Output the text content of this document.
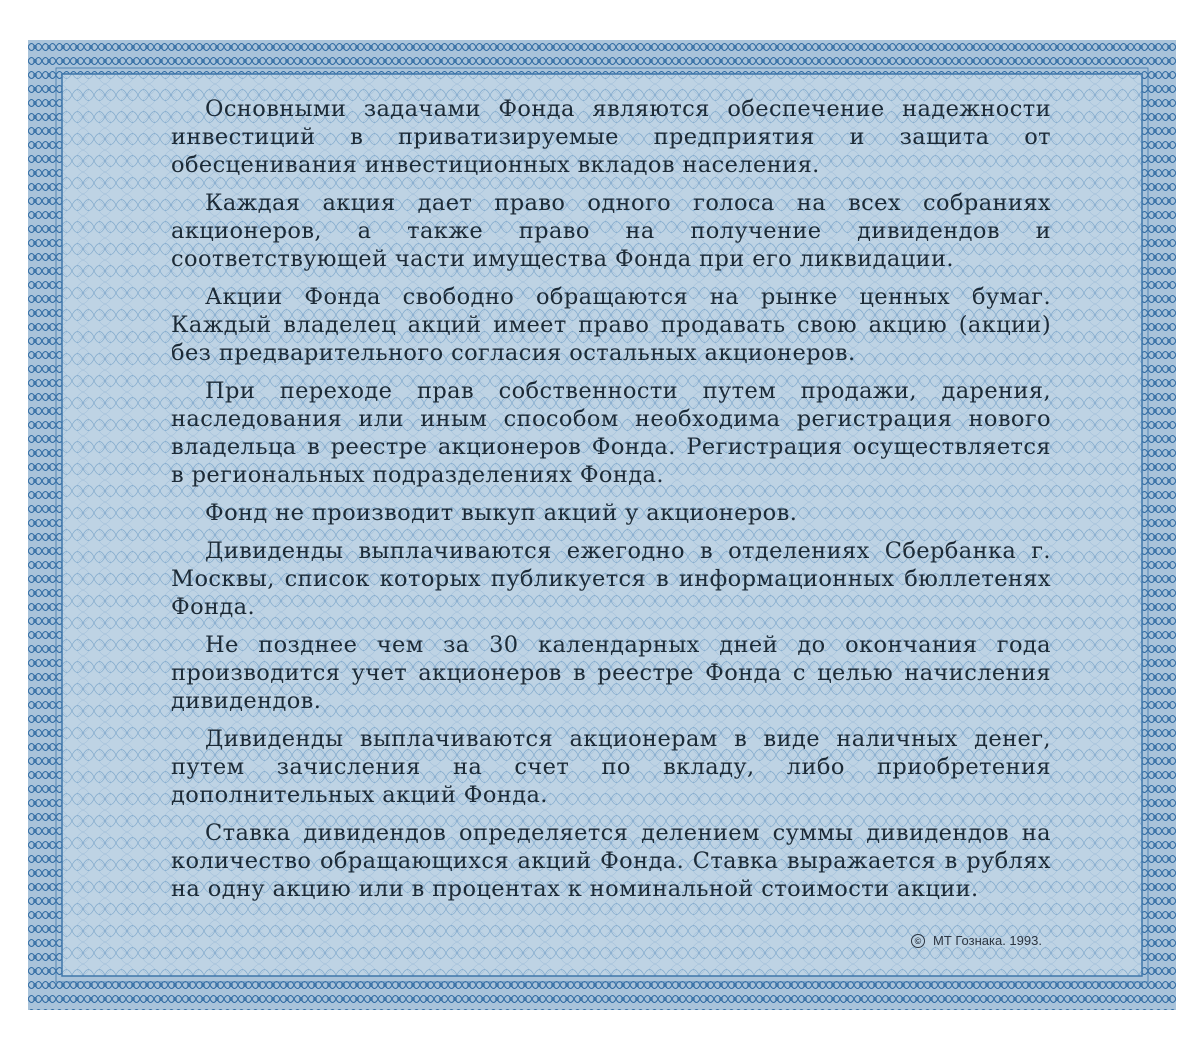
Основными задачами Фонда являются обеспечение надежности инвестиций в приватизируемые предприятия и защита от обесценивания инвестиционных вкладов населения.

Каждая акция дает право одного голоса на всех собраниях акционеров, а также право на получение дивидендов и соответствующей части имущества Фонда при его ликвидации.

Акции Фонда свободно обращаются на рынке ценных бумаг. Каждый владелец акций имеет право продавать свою акцию (акции) без предварительного согласия остальных акционеров.

При переходе прав собственности путем продажи, дарения, наследования или иным способом необходима регистрация нового владельца в реестре акционеров Фонда. Регистрация осуществляется в региональных подразделениях Фонда.

Фонд не производит выкуп акций у акционеров.

Дивиденды выплачиваются ежегодно в отделениях Сбербанка г. Москвы, список которых публикуется в информационных бюллетенях Фонда.

Не позднее чем за 30 календарных дней до окончания года производится учет акционеров в реестре Фонда с целью начисления дивидендов.

Дивиденды выплачиваются акционерам в виде наличных денег, путем зачисления на счет по вкладу, либо приобретения дополнительных акций Фонда.

Ставка дивидендов определяется делением суммы дивидендов на количество обращающихся акций Фонда. Ставка выражается в рублях на одну акцию или в процентах к номинальной стоимости акции.

© МТ Гознака. 1993.
